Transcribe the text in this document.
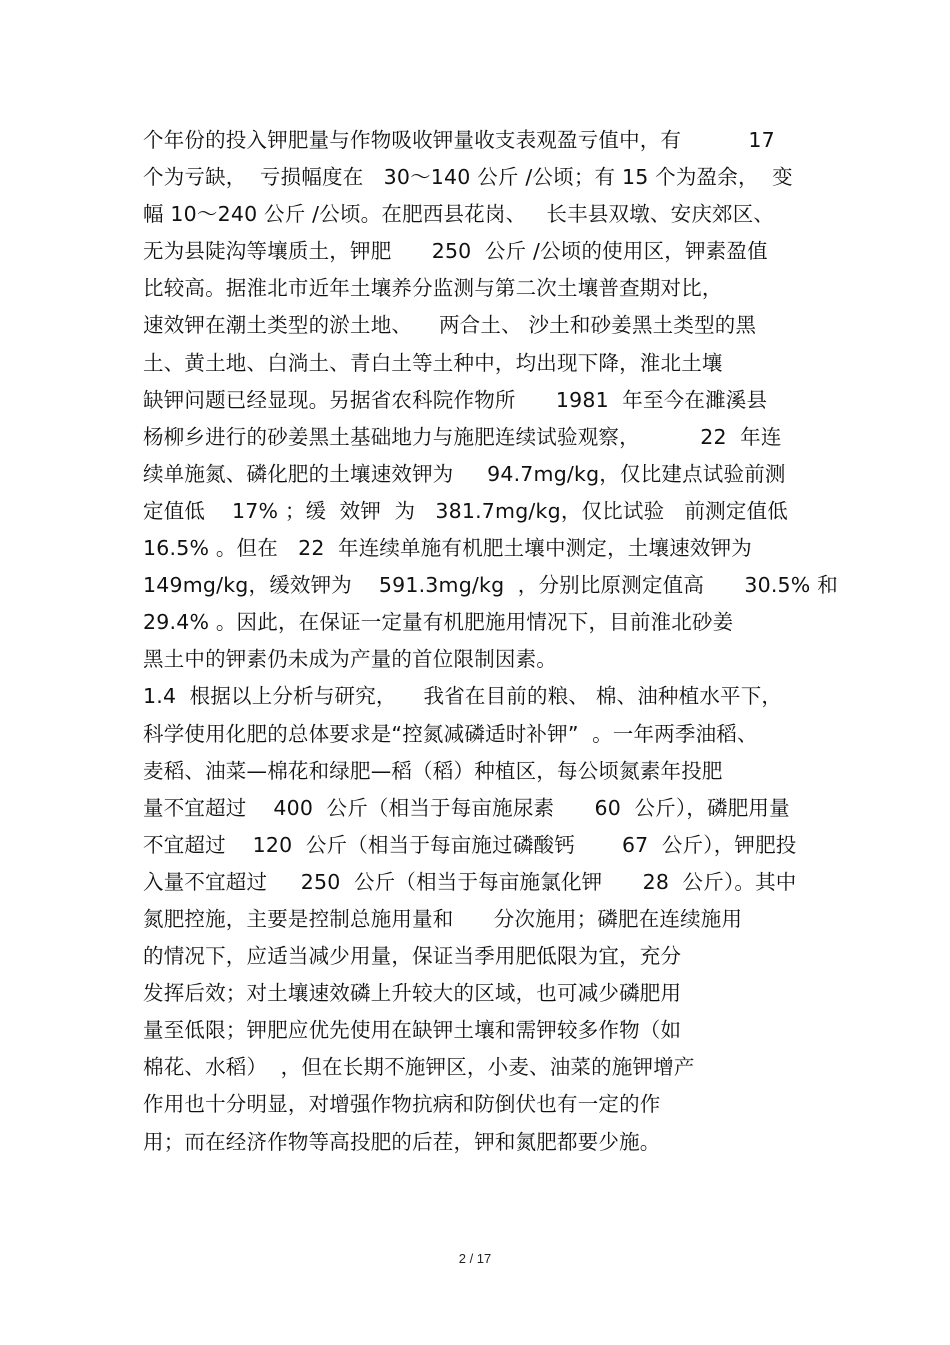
个年份的投入钾肥量与作物吸收钾量收支表观盈亏值中，有          17
个为亏缺，  亏损幅度在   30～140 公斤 /公顷；有 15 个为盈余，  变
幅 10～240 公斤 /公顷。在肥西县花岗、   长丰县双墩、安庆郊区、
无为县陡沟等壤质土，钾肥      250  公斤 /公顷的使用区，钾素盈值
比较高。据淮北市近年土壤养分监测与第二次土壤普查期对比，
速效钾在潮土类型的淤土地、    两合土、 沙土和砂姜黑土类型的黑
土、黄土地、白淌土、青白土等土种中，均出现下降，淮北土壤
缺钾问题已经显现。另据省农科院作物所      1981  年至今在濉溪县
杨柳乡进行的砂姜黑土基础地力与施肥连续试验观察，         22  年连
续单施氮、磷化肥的土壤速效钾为     94.7mg/kg，仅比建点试验前测
定值低    17% ；缓  效钾  为   381.7mg/kg，仅比试验   前测定值低
16.5% 。但在   22  年连续单施有机肥土壤中测定，土壤速效钾为
149mg/kg，缓效钾为    591.3mg/kg  ，分别比原测定值高      30.5% 和
29.4% 。因此，在保证一定量有机肥施用情况下，目前淮北砂姜
黑土中的钾素仍未成为产量的首位限制因素。
1.4  根据以上分析与研究，    我省在目前的粮、 棉、油种植水平下，
科学使用化肥的总体要求是“控氮减磷适时补钾”  。一年两季油稻、
麦稻、油菜—棉花和绿肥—稻（稻）种植区，每公顷氮素年投肥
量不宜超过    400  公斤（相当于每亩施尿素      60  公斤），磷肥用量
不宜超过    120  公斤（相当于每亩施过磷酸钙       67  公斤），钾肥投
入量不宜超过     250  公斤（相当于每亩施氯化钾      28  公斤）。其中
氮肥控施，主要是控制总施用量和      分次施用；磷肥在连续施用
的情况下，应适当减少用量，保证当季用肥低限为宜，充分
发挥后效；对土壤速效磷上升较大的区域，也可减少磷肥用
量至低限；钾肥应优先使用在缺钾土壤和需钾较多作物（如
棉花、水稻）  ，但在长期不施钾区，小麦、油菜的施钾增产
作用也十分明显，对增强作物抗病和防倒伏也有一定的作
用；而在经济作物等高投肥的后茬，钾和氮肥都要少施。
2 / 17
